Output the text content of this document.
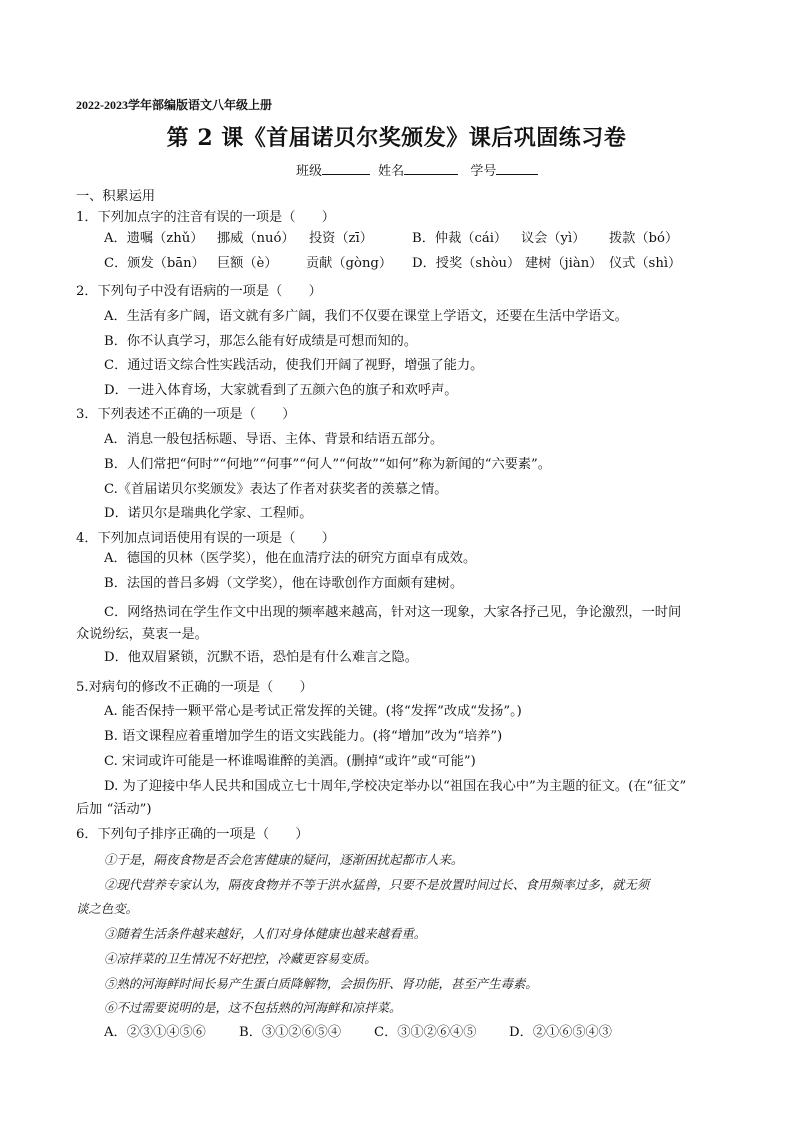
2022-2023学年部编版语文八年级上册
第 2 课《首届诺贝尔奖颁发》课后巩固练习卷
班级	姓名	学号
一、积累运用
1．下列加点字的注音有误的一项是（　　）
A．遗嘱（zhǔ） 挪威（nuó） 投资（zī）	B．仲裁（cái） 议会（yì） 拨款（bó）
C．颁发（bān） 巨额（è） 贡献（gòng） D．授奖（shòu） 建树（jiàn） 仪式（shì）
2．下列句子中没有语病的一项是（　　）
A．生活有多广阔，语文就有多广阔，我们不仅要在课堂上学语文，还要在生活中学语文。
B．你不认真学习，那怎么能有好成绩是可想而知的。
C．通过语文综合性实践活动，使我们开阔了视野，增强了能力。
D．一进入体育场，大家就看到了五颜六色的旗子和欢呼声。
3．下列表述不正确的一项是（　　）
A．消息一般包括标题、导语、主体、背景和结语五部分。
B．人们常把“何时”“何地”“何事”“何人”“何故”“如何”称为新闻的“六要素”。
C.《首届诺贝尔奖颁发》表达了作者对获奖者的羡慕之情。
D．诺贝尔是瑞典化学家、工程师。
4．下列加点词语使用有误的一项是（　　）
A．德国的贝林（医学奖），他在血清疗法的研究方面卓有成效。
B．法国的普吕多姆（文学奖），他在诗歌创作方面颇有建树。
C．网络热词在学生作文中出现的频率越来越高，针对这一现象，大家各抒己见，争论激烈，一时间
众说纷纭，莫衷一是。
D．他双眉紧锁，沉默不语，恐怕是有什么难言之隐。
5.对病句的修改不正确的一项是（　　）
A. 能否保持一颗平常心是考试正常发挥的关键。(将“发挥”改成“发扬”。)
B. 语文课程应着重增加学生的语文实践能力。(将“增加”改为“培养”)
C. 宋词或许可能是一杯谁喝谁醉的美酒。(删掉“或许”或“可能”)
D. 为了迎接中华人民共和国成立七十周年,学校决定举办以“祖国在我心中”为主题的征文。(在“征文”
后加 “活动”)
6．下列句子排序正确的一项是（　　）
①于是，隔夜食物是否会危害健康的疑问，逐渐困扰起都市人来。
②现代营养专家认为，隔夜食物并不等于洪水猛兽，只要不是放置时间过长、食用频率过多，就无须
谈之色变。
③随着生活条件越来越好，人们对身体健康也越来越看重。
④凉拌菜的卫生情况不好把控，冷藏更容易变质。
⑤熟的河海鲜时间长易产生蛋白质降解物，会损伤肝、肾功能，甚至产生毒素。
⑥不过需要说明的是，这不包括熟的河海鲜和凉拌菜。
A．②③①④⑤⑥	B．③①②⑥⑤④ C．③①②⑥④⑤ D．②①⑥⑤④③
